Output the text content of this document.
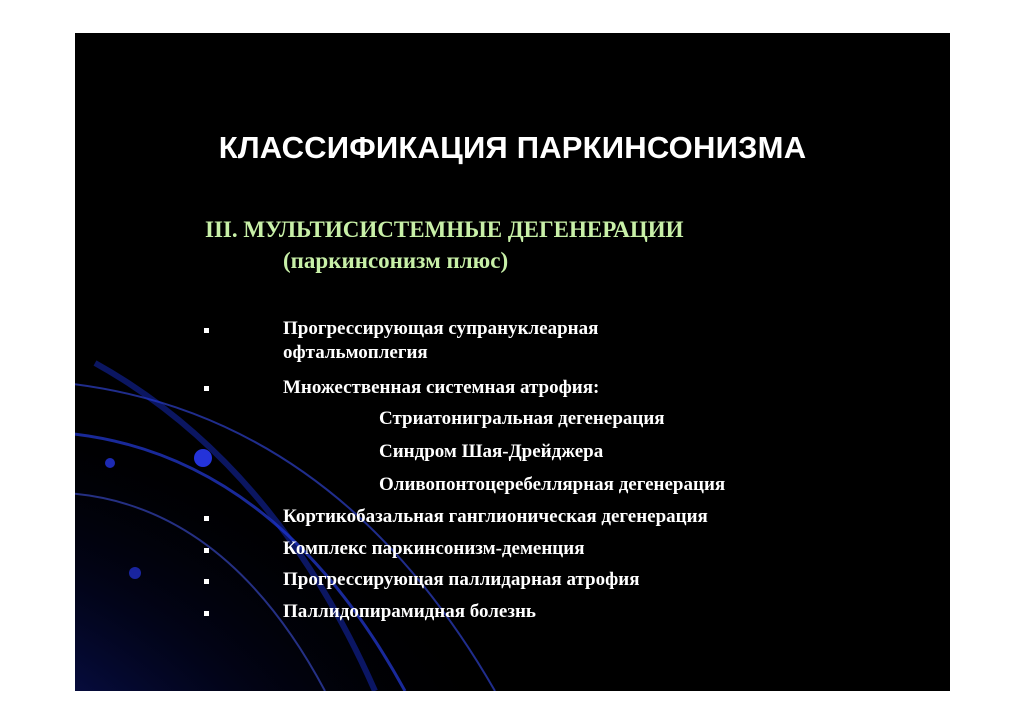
КЛАССИФИКАЦИЯ ПАРКИНСОНИЗМА
III. МУЛЬТИСИСТЕМНЫЕ ДЕГЕНЕРАЦИИ
(паркинсонизм плюс)
Прогрессирующая супрануклеарная
офтальмоплегия
Множественная системная атрофия:
Стриатонигральная дегенерация
Синдром Шая-Дрейджера
Оливопонтоцеребеллярная дегенерация
Кортикобазальная ганглионическая дегенерация
Комплекс паркинсонизм-деменция
Прогрессирующая паллидарная атрофия
Паллидопирамидная болезнь
